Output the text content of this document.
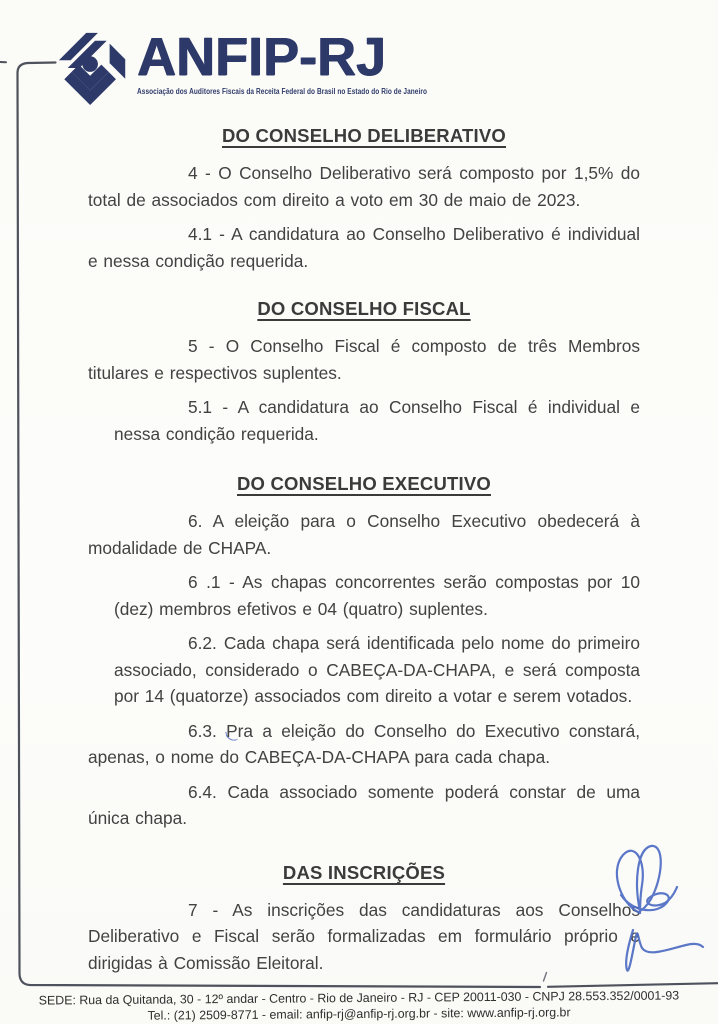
ANFIP-RJ
Associação dos Auditores Fiscais da Receita Federal do Brasil no Estado do Rio de Janeiro
DO CONSELHO DELIBERATIVO

4 - O Conselho Deliberativo será composto por 1,5% do total de associados com direito a voto em 30 de maio de 2023.

4.1 - A candidatura ao Conselho Deliberativo é individual e nessa condição requerida.

DO CONSELHO FISCAL

5 - O Conselho Fiscal é composto de três Membros titulares e respectivos suplentes.

5.1 - A candidatura ao Conselho Fiscal é individual e nessa condição requerida.

DO CONSELHO EXECUTIVO

6. A eleição para o Conselho Executivo obedecerá à modalidade de CHAPA.

6 .1 - As chapas concorrentes serão compostas por 10 (dez) membros efetivos e 04 (quatro) suplentes.

6.2. Cada chapa será identificada pelo nome do primeiro associado, considerado o CABEÇA-DA-CHAPA, e será composta por 14 (quatorze) associados com direito a votar e serem votados.

6.3. Pra a eleição do Conselho do Executivo constará, apenas, o nome do CABEÇA-DA-CHAPA para cada chapa.

6.4. Cada associado somente poderá constar de uma única chapa.

DAS INSCRIÇÕES

7 - As inscrições das candidaturas aos Conselhos Deliberativo e Fiscal serão formalizadas em formulário próprio e dirigidas à Comissão Eleitoral.

SEDE: Rua da Quitanda, 30 - 12º andar - Centro - Rio de Janeiro - RJ - CEP 20011-030 - CNPJ 28.553.352/0001-93
Tel.: (21) 2509-8771 - email: anfip-rj@anfip-rj.org.br - site: www.anfip-rj.org.br
